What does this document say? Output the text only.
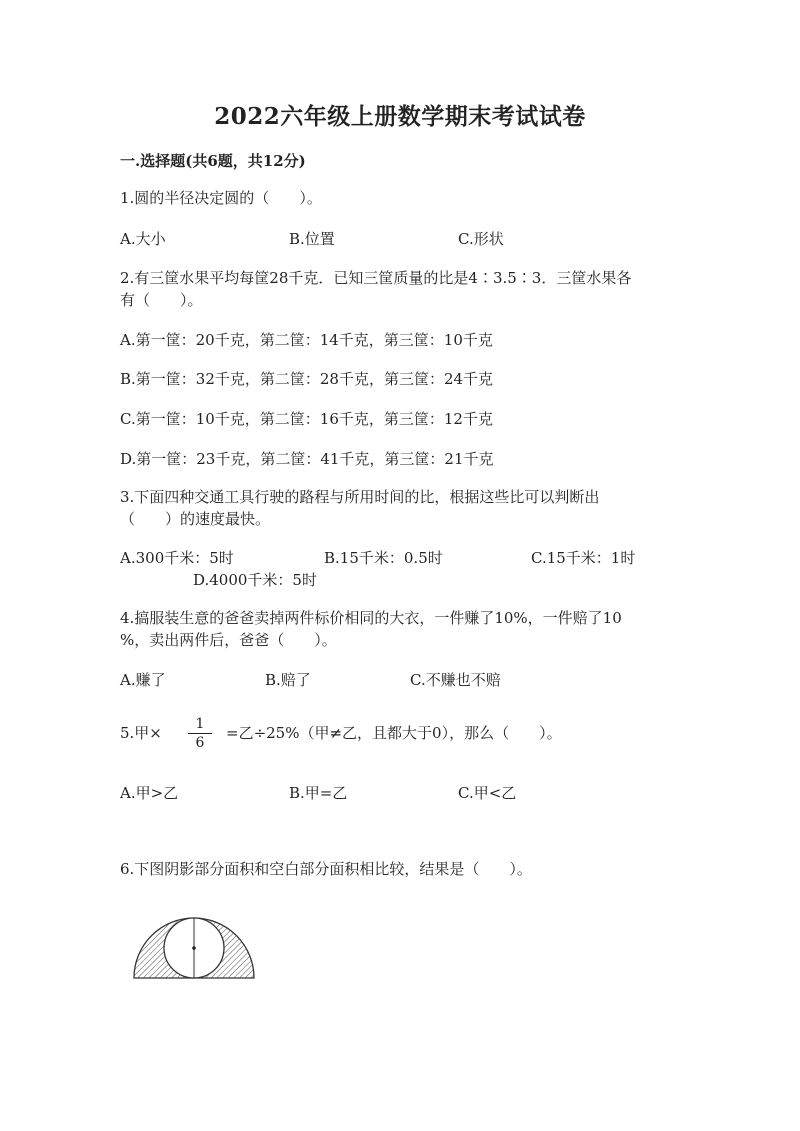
2022六年级上册数学期末考试试卷
一.选择题(共6题，共12分)
1.圆的半径决定圆的（　　）。
A.大小	B.位置	C.形状
2.有三筐水果平均每筐28千克．已知三筐质量的比是4∶3.5∶3．三筐水果各
有（　　）。
A.第一筐：20千克，第二筐：14千克，第三筐：10千克
B.第一筐：32千克，第二筐：28千克，第三筐：24千克
C.第一筐：10千克，第二筐：16千克，第三筐：12千克
D.第一筐：23千克，第二筐：41千克，第三筐：21千克
3.下面四种交通工具行驶的路程与所用时间的比，根据这些比可以判断出
（　　）的速度最快。
A.300千米：5时	B.15千米：0.5时	C.15千米：1时
D.4000千米：5时
4.搞服装生意的爸爸卖掉两件标价相同的大衣，一件赚了10%，一件赔了10
%，卖出两件后，爸爸（　　）。
A.赚了	B.赔了	C.不赚也不赔
5.甲× $\frac{1}{6}$ =乙÷25%（甲≠乙，且都大于0），那么（　　）。
A.甲>乙	B.甲=乙	C.甲<乙
6.下图阴影部分面积和空白部分面积相比较，结果是（　　）。
